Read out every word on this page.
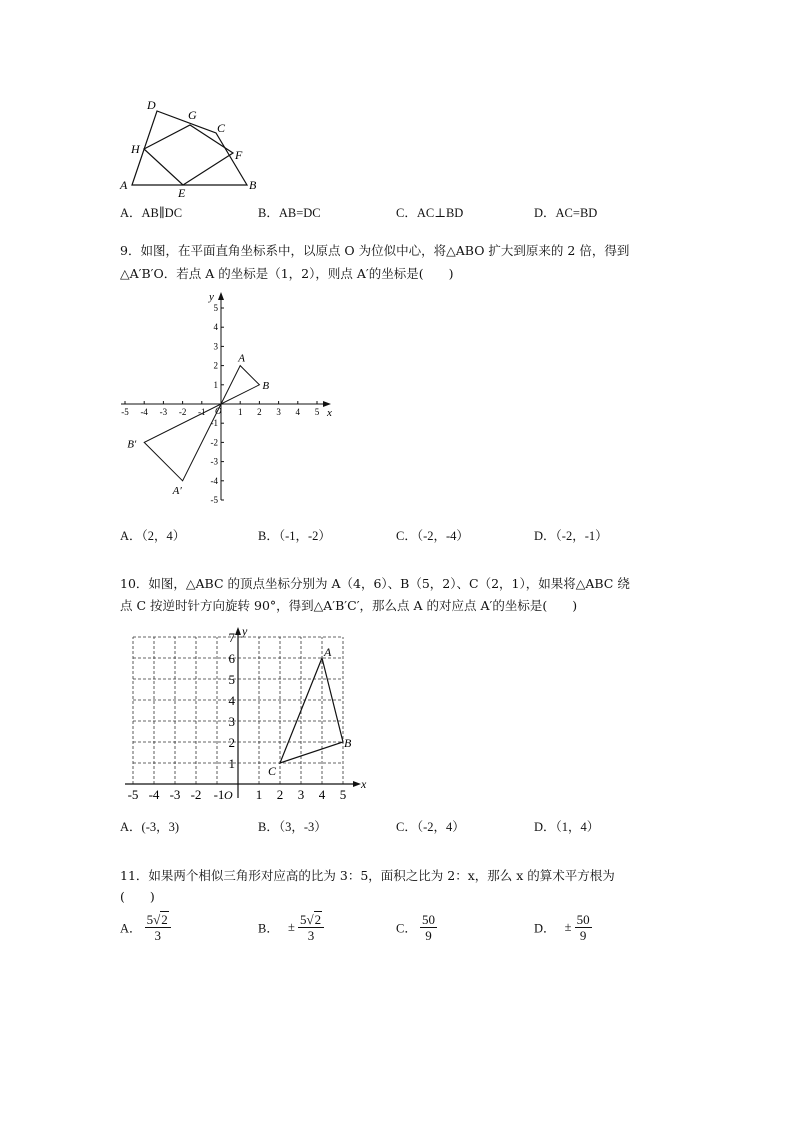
D
G
C
H	F
A
E
B
A．AB∥DC	B．AB=DC	C．AC⊥BD	D．AC=BD
9．如图，在平面直角坐标系中，以原点 O 为位似中心，将△ABO 扩大到原来的 2 倍，得到
△A′B′O．若点 A 的坐标是（1，2），则点 A′的坐标是(　　)
-5 -4 -3 -2 -1	1 2 3 4 5
5
4
3
2
1
-1
-2
-3
-4
-5
x
y
O
A
B
A′
B′
A．（2，4）	B．（-1，-2）	C．（-2，-4）	D．（-2，-1）
10．如图，△ABC 的顶点坐标分别为 A（4，6）、B（5，2）、C（2，1），如果将△ABC 绕
点 C 按逆时针方向旋转 90°，得到△A′B′C′，那么点 A 的对应点 A′的坐标是(　　)
-5 -4 -3 -2 -1 1 2 3 4 5
1
2
3
4
5
6
7
x
y
O
A
B
C
A．(-3，3)	B．（3，-3）	C．（-2，4）	D．（1，4）
11．如果两个相似三角形对应高的比为 3：5，面积之比为 2：x，那么 x 的算术平方根为
(　　)
A． $\frac{5√2}{3}$	B． ± $\frac{5√2}{3}$	C． $\frac{50}{9}$	D． ± $\frac{50}{9}$
